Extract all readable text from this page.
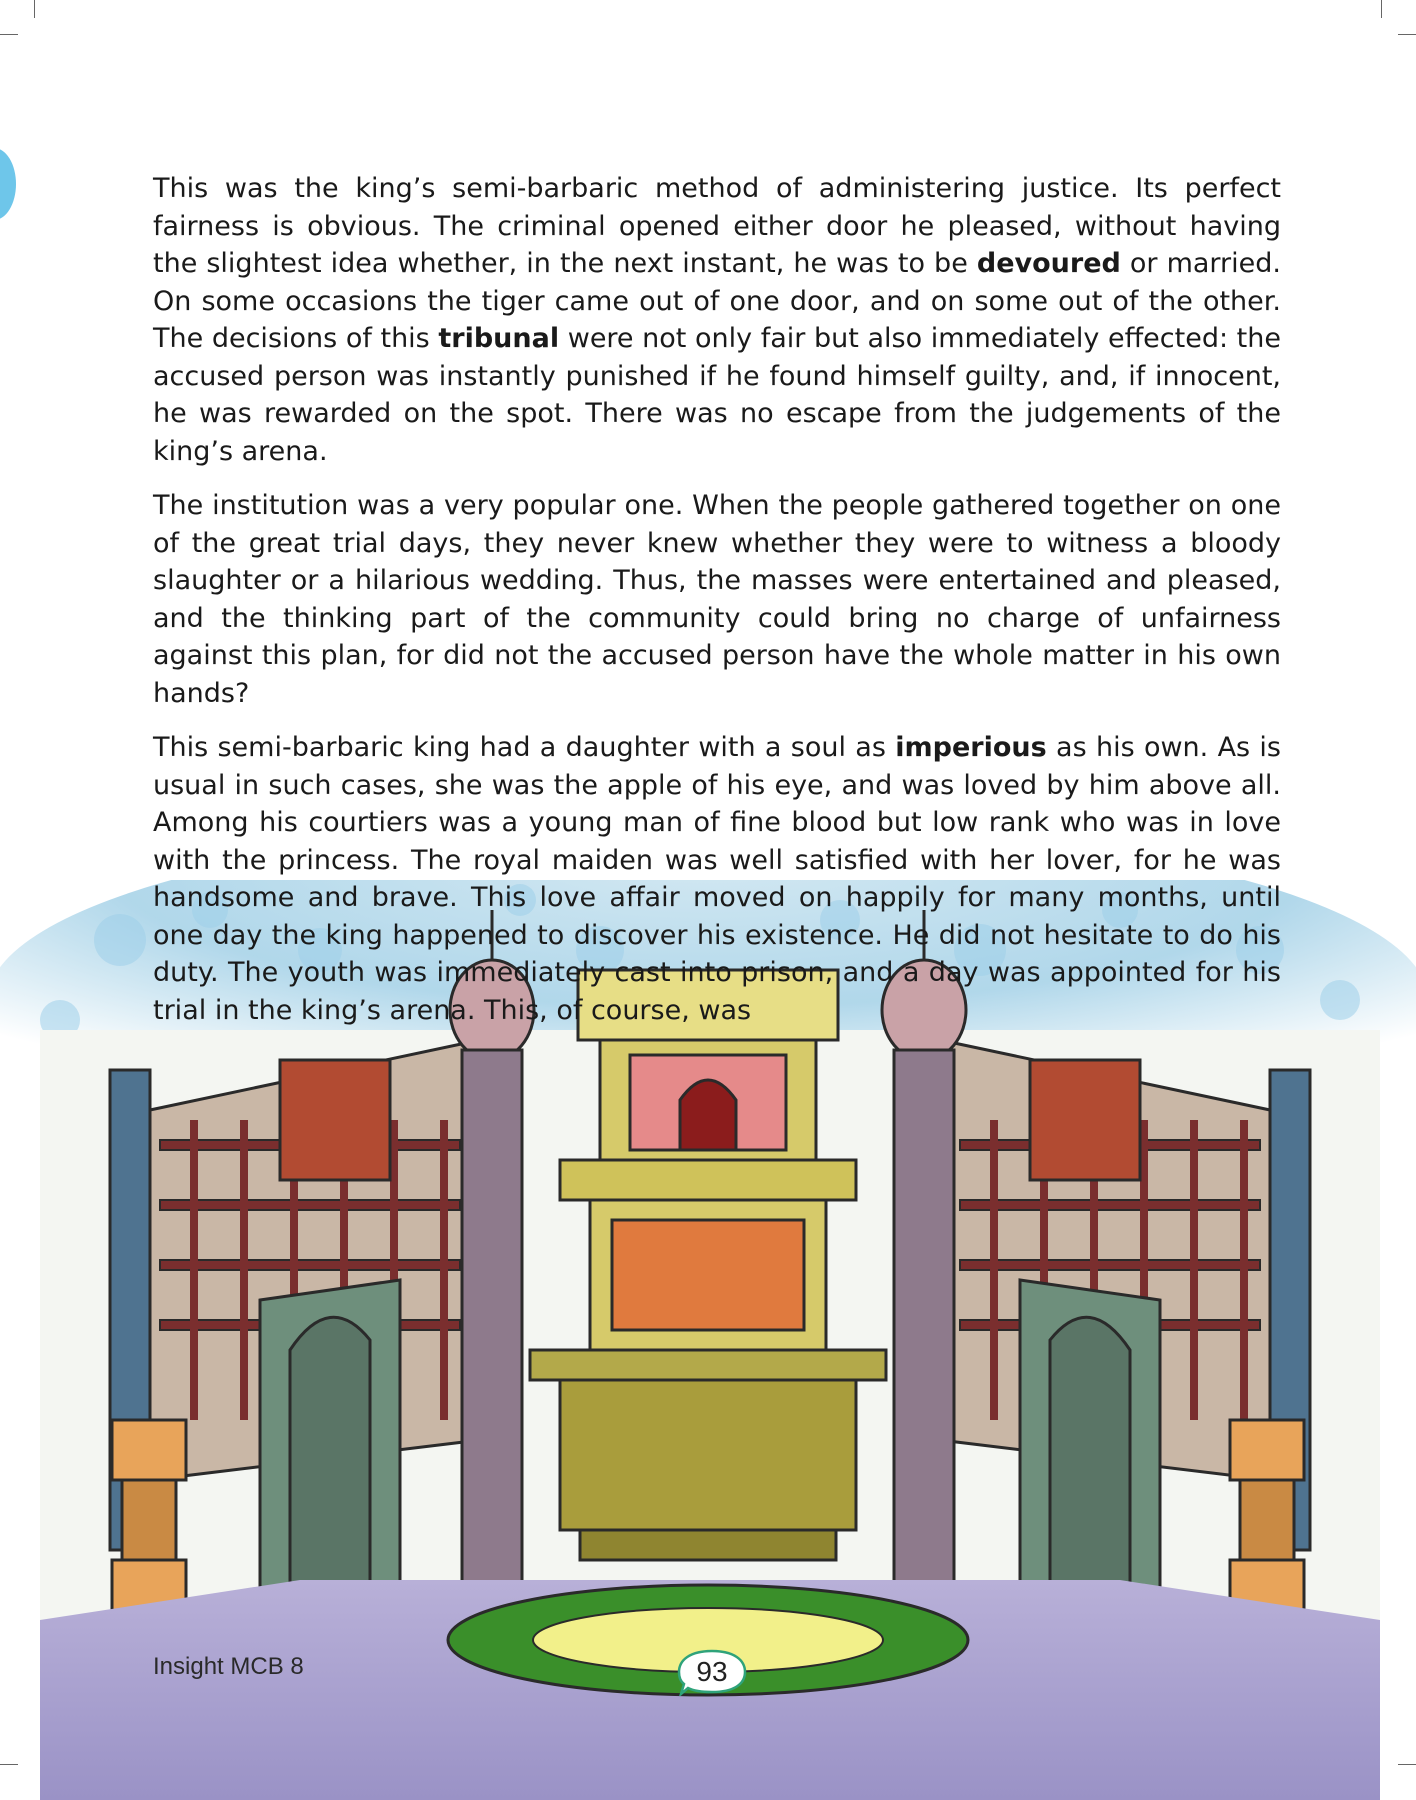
This was the king’s semi-barbaric method of administering justice. Its perfect fairness is obvious. The criminal opened either door he pleased, without having the slightest idea whether, in the next instant, he was to be devoured or married. On some occasions the tiger came out of one door, and on some out of the other. The decisions of this tribunal were not only fair but also immediately effected: the accused person was instantly punished if he found himself guilty, and, if innocent, he was rewarded on the spot. There was no escape from the judgements of the king’s arena.

The institution was a very popular one. When the people gathered together on one of the great trial days, they never knew whether they were to witness a bloody slaughter or a hilarious wedding. Thus, the masses were entertained and pleased, and the thinking part of the community could bring no charge of unfairness against this plan, for did not the accused person have the whole matter in his own hands?

This semi-barbaric king had a daughter with a soul as imperious as his own. As is usual in such cases, she was the apple of his eye, and was loved by him above all. Among his courtiers was a young man of fine blood but low rank who was in love with the princess. The royal maiden was well satisfied with her lover, for he was handsome and brave. This love affair moved on happily for many months, until one day the king happened to discover his existence. He did not hesitate to do his duty. The youth was immediately cast into prison, and a day was appointed for his trial in the king’s arena. This, of course, was

Insight MCB 8	93
